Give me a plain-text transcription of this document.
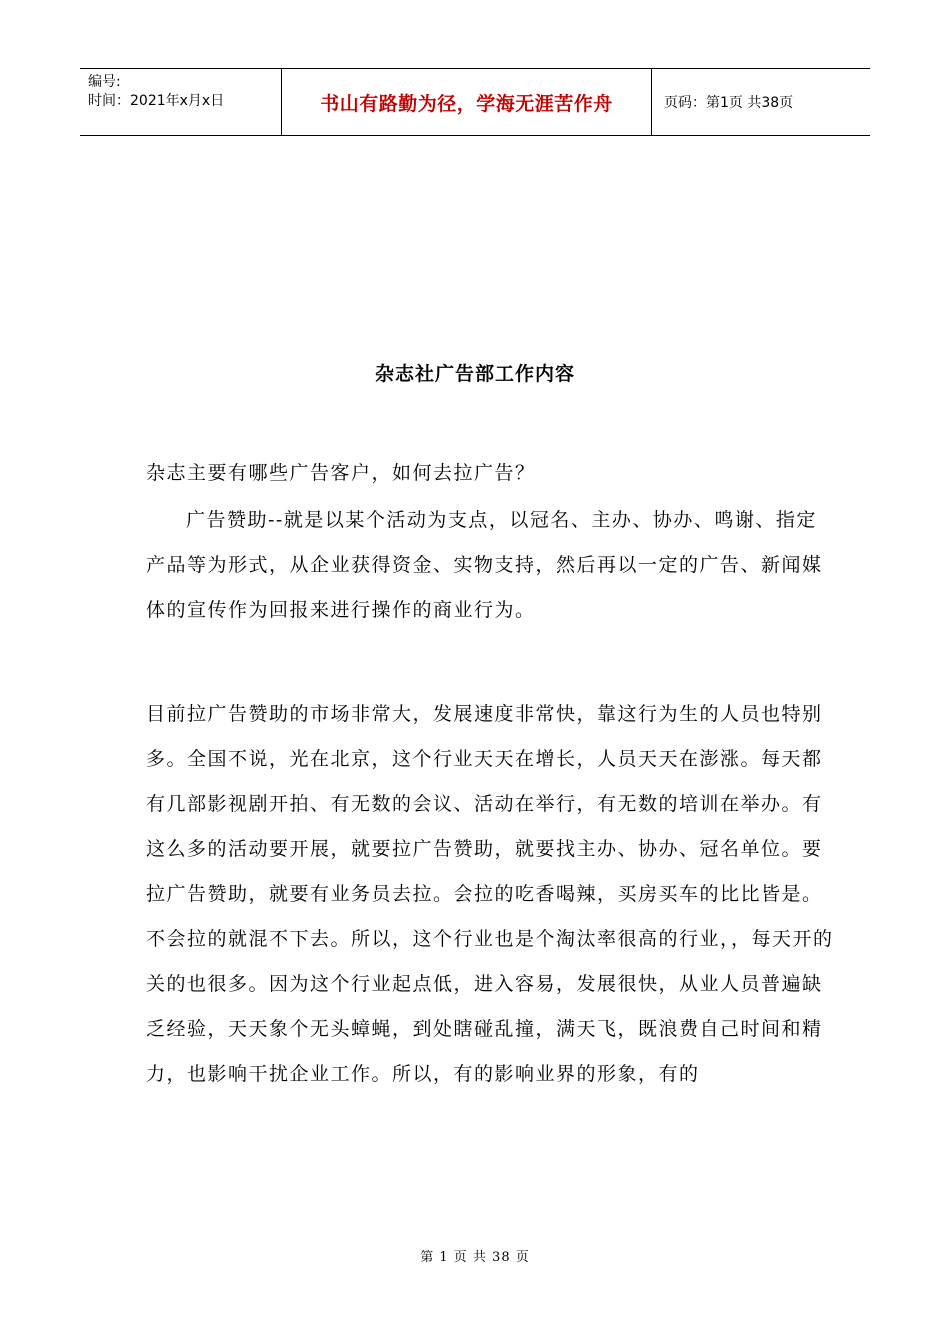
编号:
时间：2021年x月x日	书山有路勤为径，学海无涯苦作舟	页码：第1页 共38页
杂志社广告部工作内容

杂志主要有哪些广告客户，如何去拉广告？

广告赞助--就是以某个活动为支点，以冠名、主办、协办、鸣谢、指定产品等为形式，从企业获得资金、实物支持，然后再以一定的广告、新闻媒体的宣传作为回报来进行操作的商业行为。

目前拉广告赞助的市场非常大，发展速度非常快，靠这行为生的人员也特别多。全国不说，光在北京，这个行业天天在增长，人员天天在澎涨。每天都有几部影视剧开拍、有无数的会议、活动在举行，有无数的培训在举办。有这么多的活动要开展，就要拉广告赞助，就要找主办、协办、冠名单位。要拉广告赞助，就要有业务员去拉。会拉的吃香喝辣，买房买车的比比皆是。不会拉的就混不下去。所以，这个行业也是个淘汰率很高的行业，，每天开的关的也很多。因为这个行业起点低，进入容易，发展很快，从业人员普遍缺乏经验，天天象个无头蟑蝇，到处瞎碰乱撞，满天飞，既浪费自己时间和精力，也影响干扰企业工作。所以，有的影响业界的形象，有的

第 1 页 共 38 页
